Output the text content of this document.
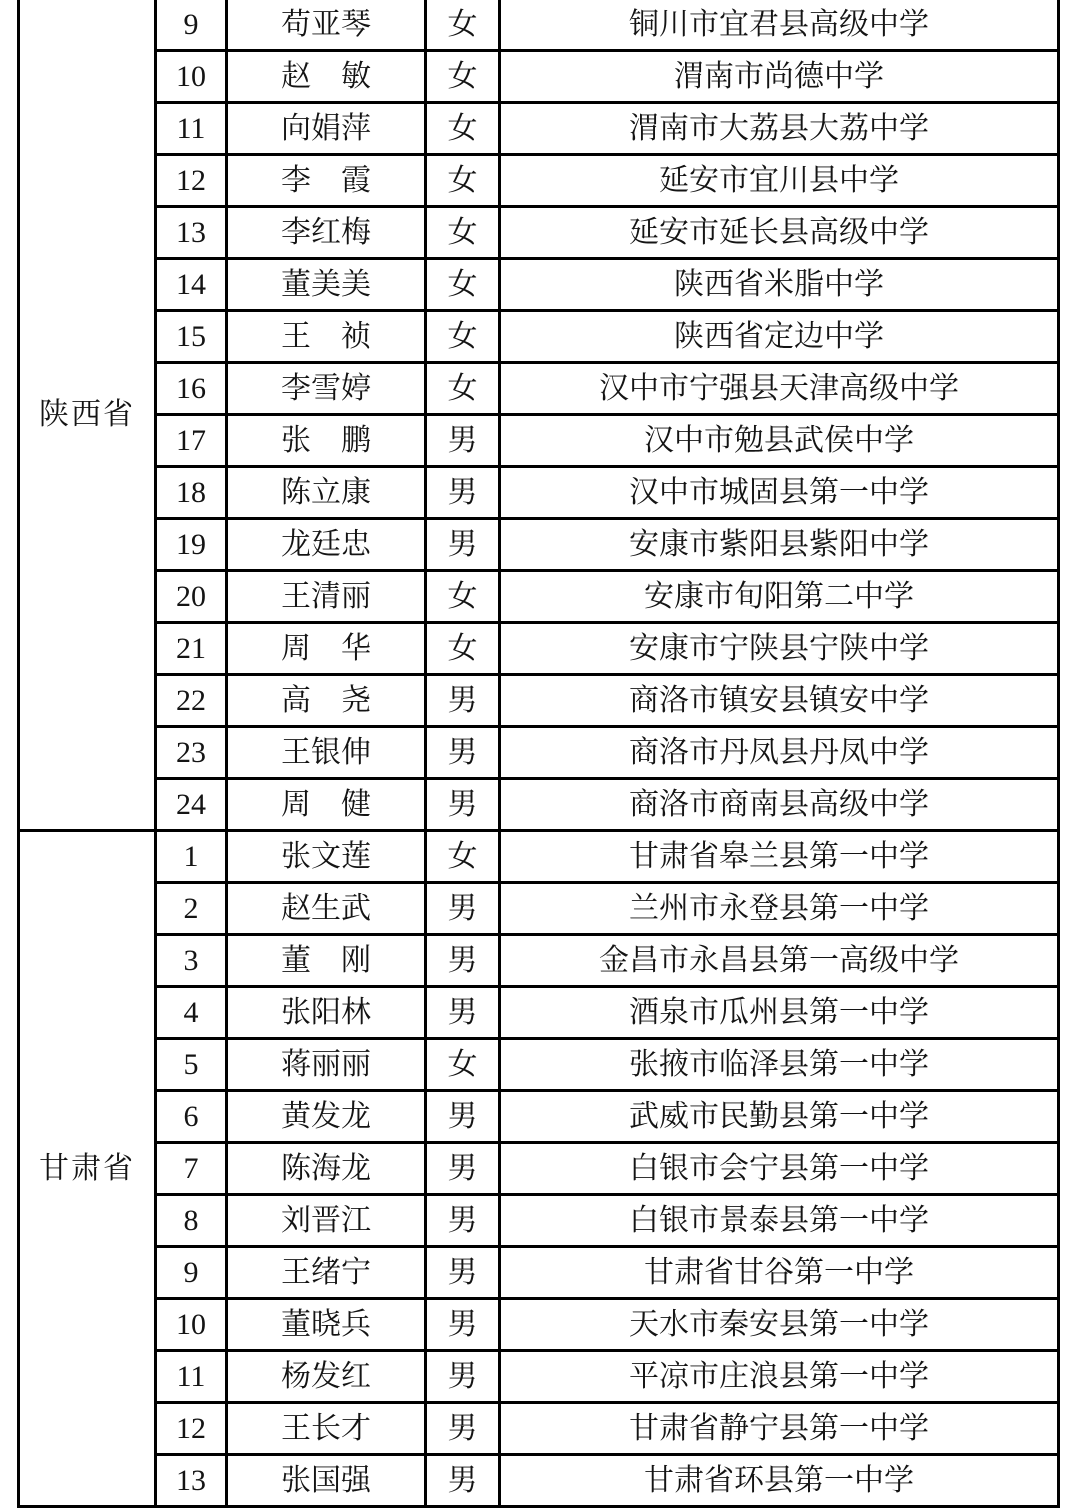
陕西省	9	苟亚琴	女	铜川市宜君县高级中学
	10	赵　敏	女	渭南市尚德中学
	11	向娟萍	女	渭南市大荔县大荔中学
	12	李　霞	女	延安市宜川县中学
	13	李红梅	女	延安市延长县高级中学
	14	董美美	女	陕西省米脂中学
	15	王　祯	女	陕西省定边中学
	16	李雪婷	女	汉中市宁强县天津高级中学
	17	张　鹏	男	汉中市勉县武侯中学
	18	陈立康	男	汉中市城固县第一中学
	19	龙廷忠	男	安康市紫阳县紫阳中学
	20	王清丽	女	安康市旬阳第二中学
	21	周　华	女	安康市宁陕县宁陕中学
	22	高　尧	男	商洛市镇安县镇安中学
	23	王银伸	男	商洛市丹凤县丹凤中学
	24	周　健	男	商洛市商南县高级中学
甘肃省	1	张文莲	女	甘肃省皋兰县第一中学
	2	赵生武	男	兰州市永登县第一中学
	3	董　刚	男	金昌市永昌县第一高级中学
	4	张阳林	男	酒泉市瓜州县第一中学
	5	蒋丽丽	女	张掖市临泽县第一中学
	6	黄发龙	男	武威市民勤县第一中学
	7	陈海龙	男	白银市会宁县第一中学
	8	刘晋江	男	白银市景泰县第一中学
	9	王绪宁	男	甘肃省甘谷第一中学
	10	董晓兵	男	天水市秦安县第一中学
	11	杨发红	男	平凉市庄浪县第一中学
	12	王长才	男	甘肃省静宁县第一中学
	13	张国强	男	甘肃省环县第一中学
